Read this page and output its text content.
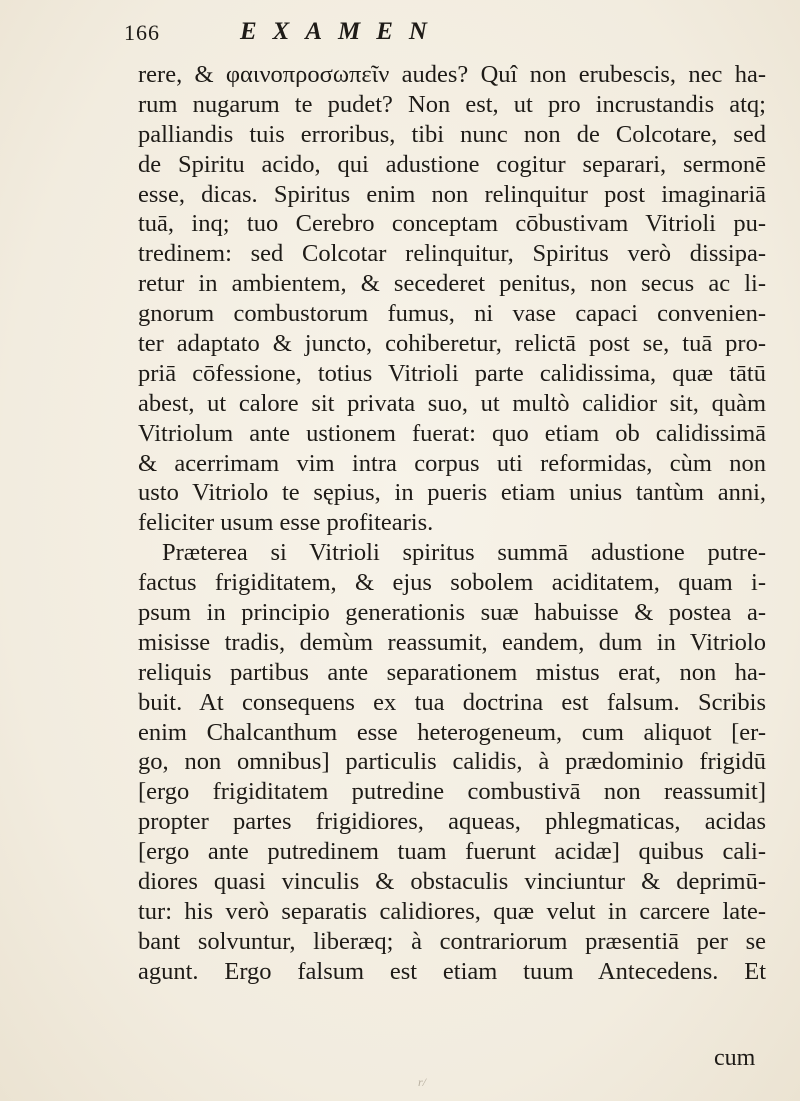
166	EXAMEN
rere, & φαινοπροσωπεῖν audes? Quî non erubescis, nec ha-
rum nugarum te pudet? Non est, ut pro incrustandis atq;
palliandis tuis erroribus, tibi nunc non de Colcotare, sed
de Spiritu acido, qui adustione cogitur separari, sermonē
esse, dicas. Spiritus enim non relinquitur post imaginariā
tuā, inq; tuo Cerebro conceptam cōbustivam Vitrioli pu-
tredinem: sed Colcotar relinquitur, Spiritus verò dissipa-
retur in ambientem, & secederet penitus, non secus ac li-
gnorum combustorum fumus, ni vase capaci convenien-
ter adaptato & juncto, cohiberetur, relictā post se, tuā pro-
priā cōfessione, totius Vitrioli parte calidissima, quæ tātū
abest, ut calore sit privata suo, ut multò calidior sit, quàm
Vitriolum ante ustionem fuerat: quo etiam ob calidissimā
& acerrimam vim intra corpus uti reformidas, cùm non
usto Vitriolo te sępius, in pueris etiam unius tantùm anni,
feliciter usum esse profitearis.
Præterea si Vitrioli spiritus summā adustione putre-
factus frigiditatem, & ejus sobolem aciditatem, quam i-
psum in principio generationis suæ habuisse & postea a-
misisse tradis, demùm reassumit, eandem, dum in Vitriolo
reliquis partibus ante separationem mistus erat, non ha-
buit. At consequens ex tua doctrina est falsum. Scribis
enim Chalcanthum esse heterogeneum, cum aliquot [er-
go, non omnibus] particulis calidis, à prædominio frigidū
[ergo frigiditatem putredine combustivā non reassumit]
propter partes frigidiores, aqueas, phlegmaticas, acidas
[ergo ante putredinem tuam fuerunt acidæ] quibus cali-
diores quasi vinculis & obstaculis vinciuntur & deprimū-
tur: his verò separatis calidiores, quæ velut in carcere late-
bant solvuntur, liberæq; à contrariorum præsentiā per se
agunt. Ergo falsum est etiam tuum Antecedens. Et
cum
r/
